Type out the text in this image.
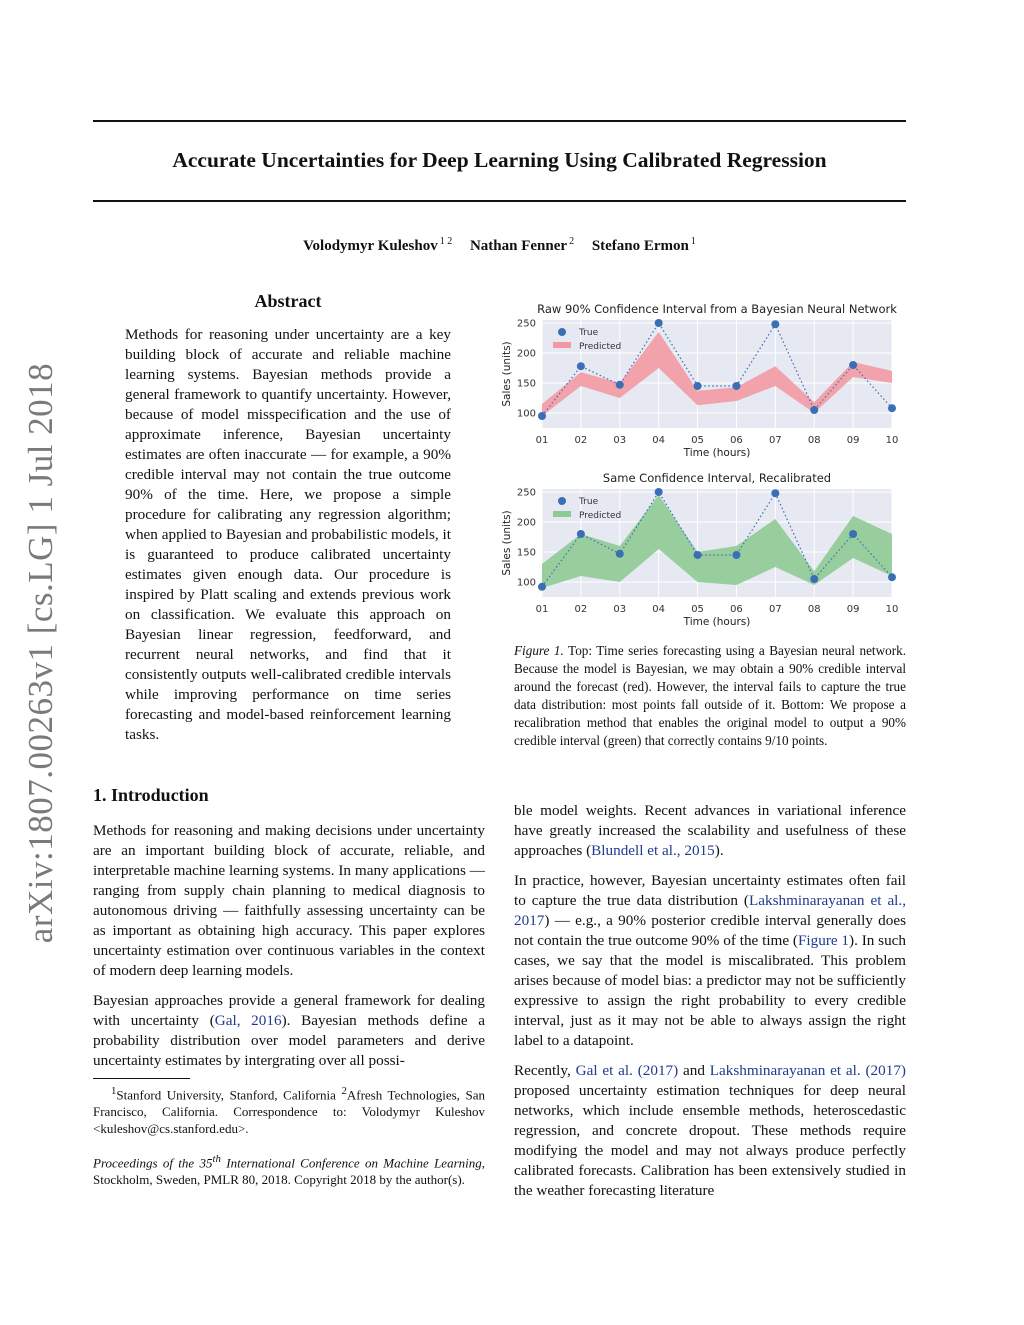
Accurate Uncertainties for Deep Learning Using Calibrated Regression
Volodymyr Kuleshov $^{1 2}$ Nathan Fenner $^2$ Stefano Ermon $^1$
arXiv:1807.00263v1 [cs.LG] 1 Jul 2018
Abstract
Methods for reasoning under uncertainty are a key building block of accurate and reliable machine learning systems. Bayesian methods provide a general framework to quantify uncertainty. However, because of model misspecification and the use of approximate inference, Bayesian uncertainty estimates are often inaccurate — for example, a 90% credible interval may not contain the true outcome 90% of the time. Here, we propose a simple procedure for calibrating any regression algorithm; when applied to Bayesian and probabilistic models, it is guaranteed to produce calibrated uncertainty estimates given enough data. Our procedure is inspired by Platt scaling and extends previous work on classification. We evaluate this approach on Bayesian linear regression, feedforward, and recurrent neural networks, and find that it consistently outputs well-calibrated credible intervals while improving performance on time series forecasting and model-based reinforcement learning tasks.
1. Introduction

Methods for reasoning and making decisions under uncertainty are an important building block of accurate, reliable, and interpretable machine learning systems. In many applications — ranging from supply chain planning to medical diagnosis to autonomous driving — faithfully assessing uncertainty can be as important as obtaining high accuracy. This paper explores uncertainty estimation over continuous variables in the context of modern deep learning models.

Bayesian approaches provide a general framework for dealing with uncertainty (Gal, 2016). Bayesian methods define a probability distribution over model parameters and derive uncertainty estimates by intergrating over all possi-

$^1$Stanford University, Stanford, California $^2$Afresh Technologies, San Francisco, California. Correspondence to: Volodymyr Kuleshov <kuleshov@cs.stanford.edu>.
Proceedings of the 35th International Conference on Machine Learning, Stockholm, Sweden, PMLR 80, 2018. Copyright 2018 by the author(s).
Raw 90% Confidence Interval from a Bayesian Neural Network
01	02	03	04	05	06	07	08	09	10
100
150
200
250
True
Predicted
Time (hours)
Sales (units)
Same Confidence Interval, Recalibrated
01	02	03	04	05	06	07	08	09	10
100
150
200
250
True
Predicted
Time (hours)
Sales (units)
Figure 1. Top: Time series forecasting using a Bayesian neural network. Because the model is Bayesian, we may obtain a 90% credible interval around the forecast (red). However, the interval fails to capture the true data distribution: most points fall outside of it. Bottom: We propose a recalibration method that enables the original model to output a 90% credible interval (green) that correctly contains 9/10 points.

ble model weights. Recent advances in variational inference have greatly increased the scalability and usefulness of these approaches (Blundell et al., 2015).

In practice, however, Bayesian uncertainty estimates often fail to capture the true data distribution (Lakshminarayanan et al., 2017) — e.g., a 90% posterior credible interval generally does not contain the true outcome 90% of the time (Figure 1). In such cases, we say that the model is miscalibrated. This problem arises because of model bias: a predictor may not be sufficiently expressive to assign the right probability to every credible interval, just as it may not be able to always assign the right label to a datapoint.

Recently, Gal et al. (2017) and Lakshminarayanan et al. (2017) proposed uncertainty estimation techniques for deep neural networks, which include ensemble methods, heteroscedastic regression, and concrete dropout. These methods require modifying the model and may not always produce perfectly calibrated forecasts. Calibration has been extensively studied in the weather forecasting literature
